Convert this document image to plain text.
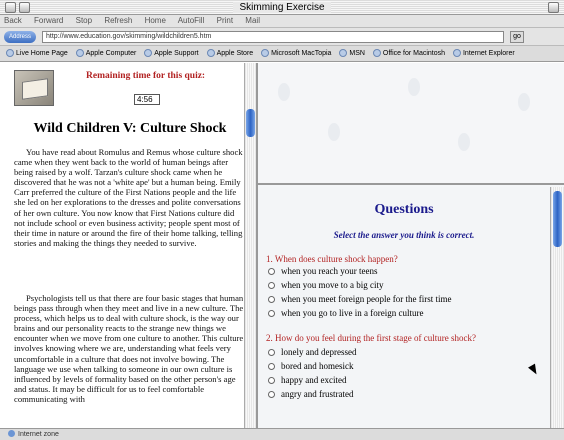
Skimming Exercise
Back Forward Stop Refresh Home AutoFill Print Mail
Address	http://www.education.gov/skimming/wildchildren5.htm	go
Live Home Page	Apple Computer	Apple Support	Apple Store	Microsoft MacTopia	MSN	Office for Macintosh	Internet Explorer
Remaining time for this quiz:
4:56
Wild Children V: Culture Shock

You have read about Romulus and Remus whose culture shock came when they went back to the world of human beings after being raised by a wolf. Tarzan's culture shock came when he discovered that he was not a 'white ape' but a human being. Emily Carr preferred the culture of the First Nations people and the life she led on her explorations to the dresses and polite conversations of her own culture. You now know that First Nations culture did not include school or even business activity; people spent most of their time in nature or around the fire of their home talking, telling stories and making the things they needed to survive.

Psychologists tell us that there are four basic stages that human beings pass through when they meet and live in a new culture. The process, which helps us to deal with culture shock, is the way our brains and our personality reacts to the strange new things we encounter when we move from one culture to another. This culture involves knowing where we are, understanding what feels very uncomfortable in a culture that does not involve bowing. The language we use when talking to someone in our own culture is influenced by levels of formality based on the other person's age and status. It may be difficult for us to feel comfortable communicating with

Questions
Select the answer you think is correct.
1. When does culture shock happen?
when you reach your teens
when you move to a big city
when you meet foreign people for the first time
when you go to live in a foreign culture
2. How do you feel during the first stage of culture shock?
lonely and depressed
bored and homesick
happy and excited
angry and frustrated
Internet zone
